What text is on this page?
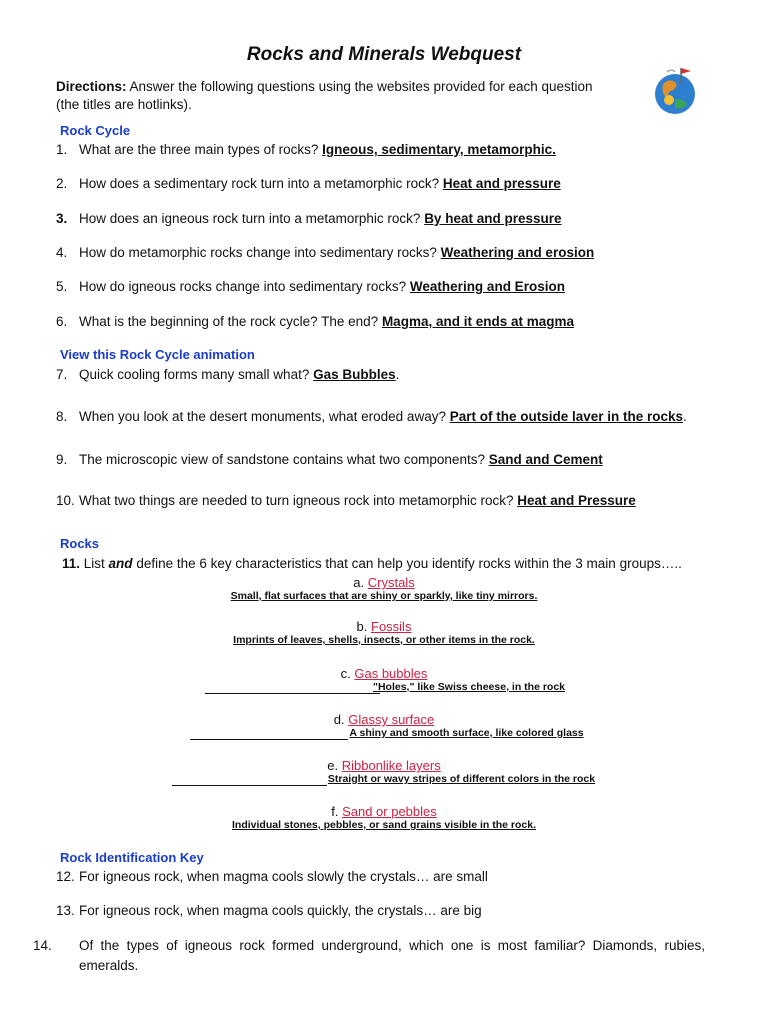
Rocks and Minerals Webquest
Directions: Answer the following questions using the websites provided for each question (the titles are hotlinks).
Rock Cycle
1. What are the three main types of rocks? Igneous, sedimentary, metamorphic.
2. How does a sedimentary rock turn into a metamorphic rock? Heat and pressure
3. How does an igneous rock turn into a metamorphic rock? By heat and pressure
4. How do metamorphic rocks change into sedimentary rocks? Weathering and erosion
5. How do igneous rocks change into sedimentary rocks? Weathering and Erosion
6. What is the beginning of the rock cycle? The end? Magma, and it ends at magma
View this Rock Cycle animation
7. Quick cooling forms many small what? Gas Bubbles.
8. When you look at the desert monuments, what eroded away? Part of the outside laver in the rocks.
9. The microscopic view of sandstone contains what two components? Sand and Cement
10. What two things are needed to turn igneous rock into metamorphic rock? Heat and Pressure
Rocks
11. List and define the 6 key characteristics that can help you identify rocks within the 3 main groups…..
a. Crystals
Small, flat surfaces that are shiny or sparkly, like tiny mirrors.
b. Fossils
Imprints of leaves, shells, insects, or other items in the rock.
c. Gas bubbles
"Holes," like Swiss cheese, in the rock
d. Glassy surface
A shiny and smooth surface, like colored glass
e. Ribbonlike layers
Straight or wavy stripes of different colors in the rock
f. Sand or pebbles
Individual stones, pebbles, or sand grains visible in the rock.
Rock Identification Key
12. For igneous rock, when magma cools slowly the crystals… are small
13. For igneous rock, when magma cools quickly, the crystals… are big
14. Of the types of igneous rock formed underground, which one is most familiar? Diamonds, rubies, emeralds.
